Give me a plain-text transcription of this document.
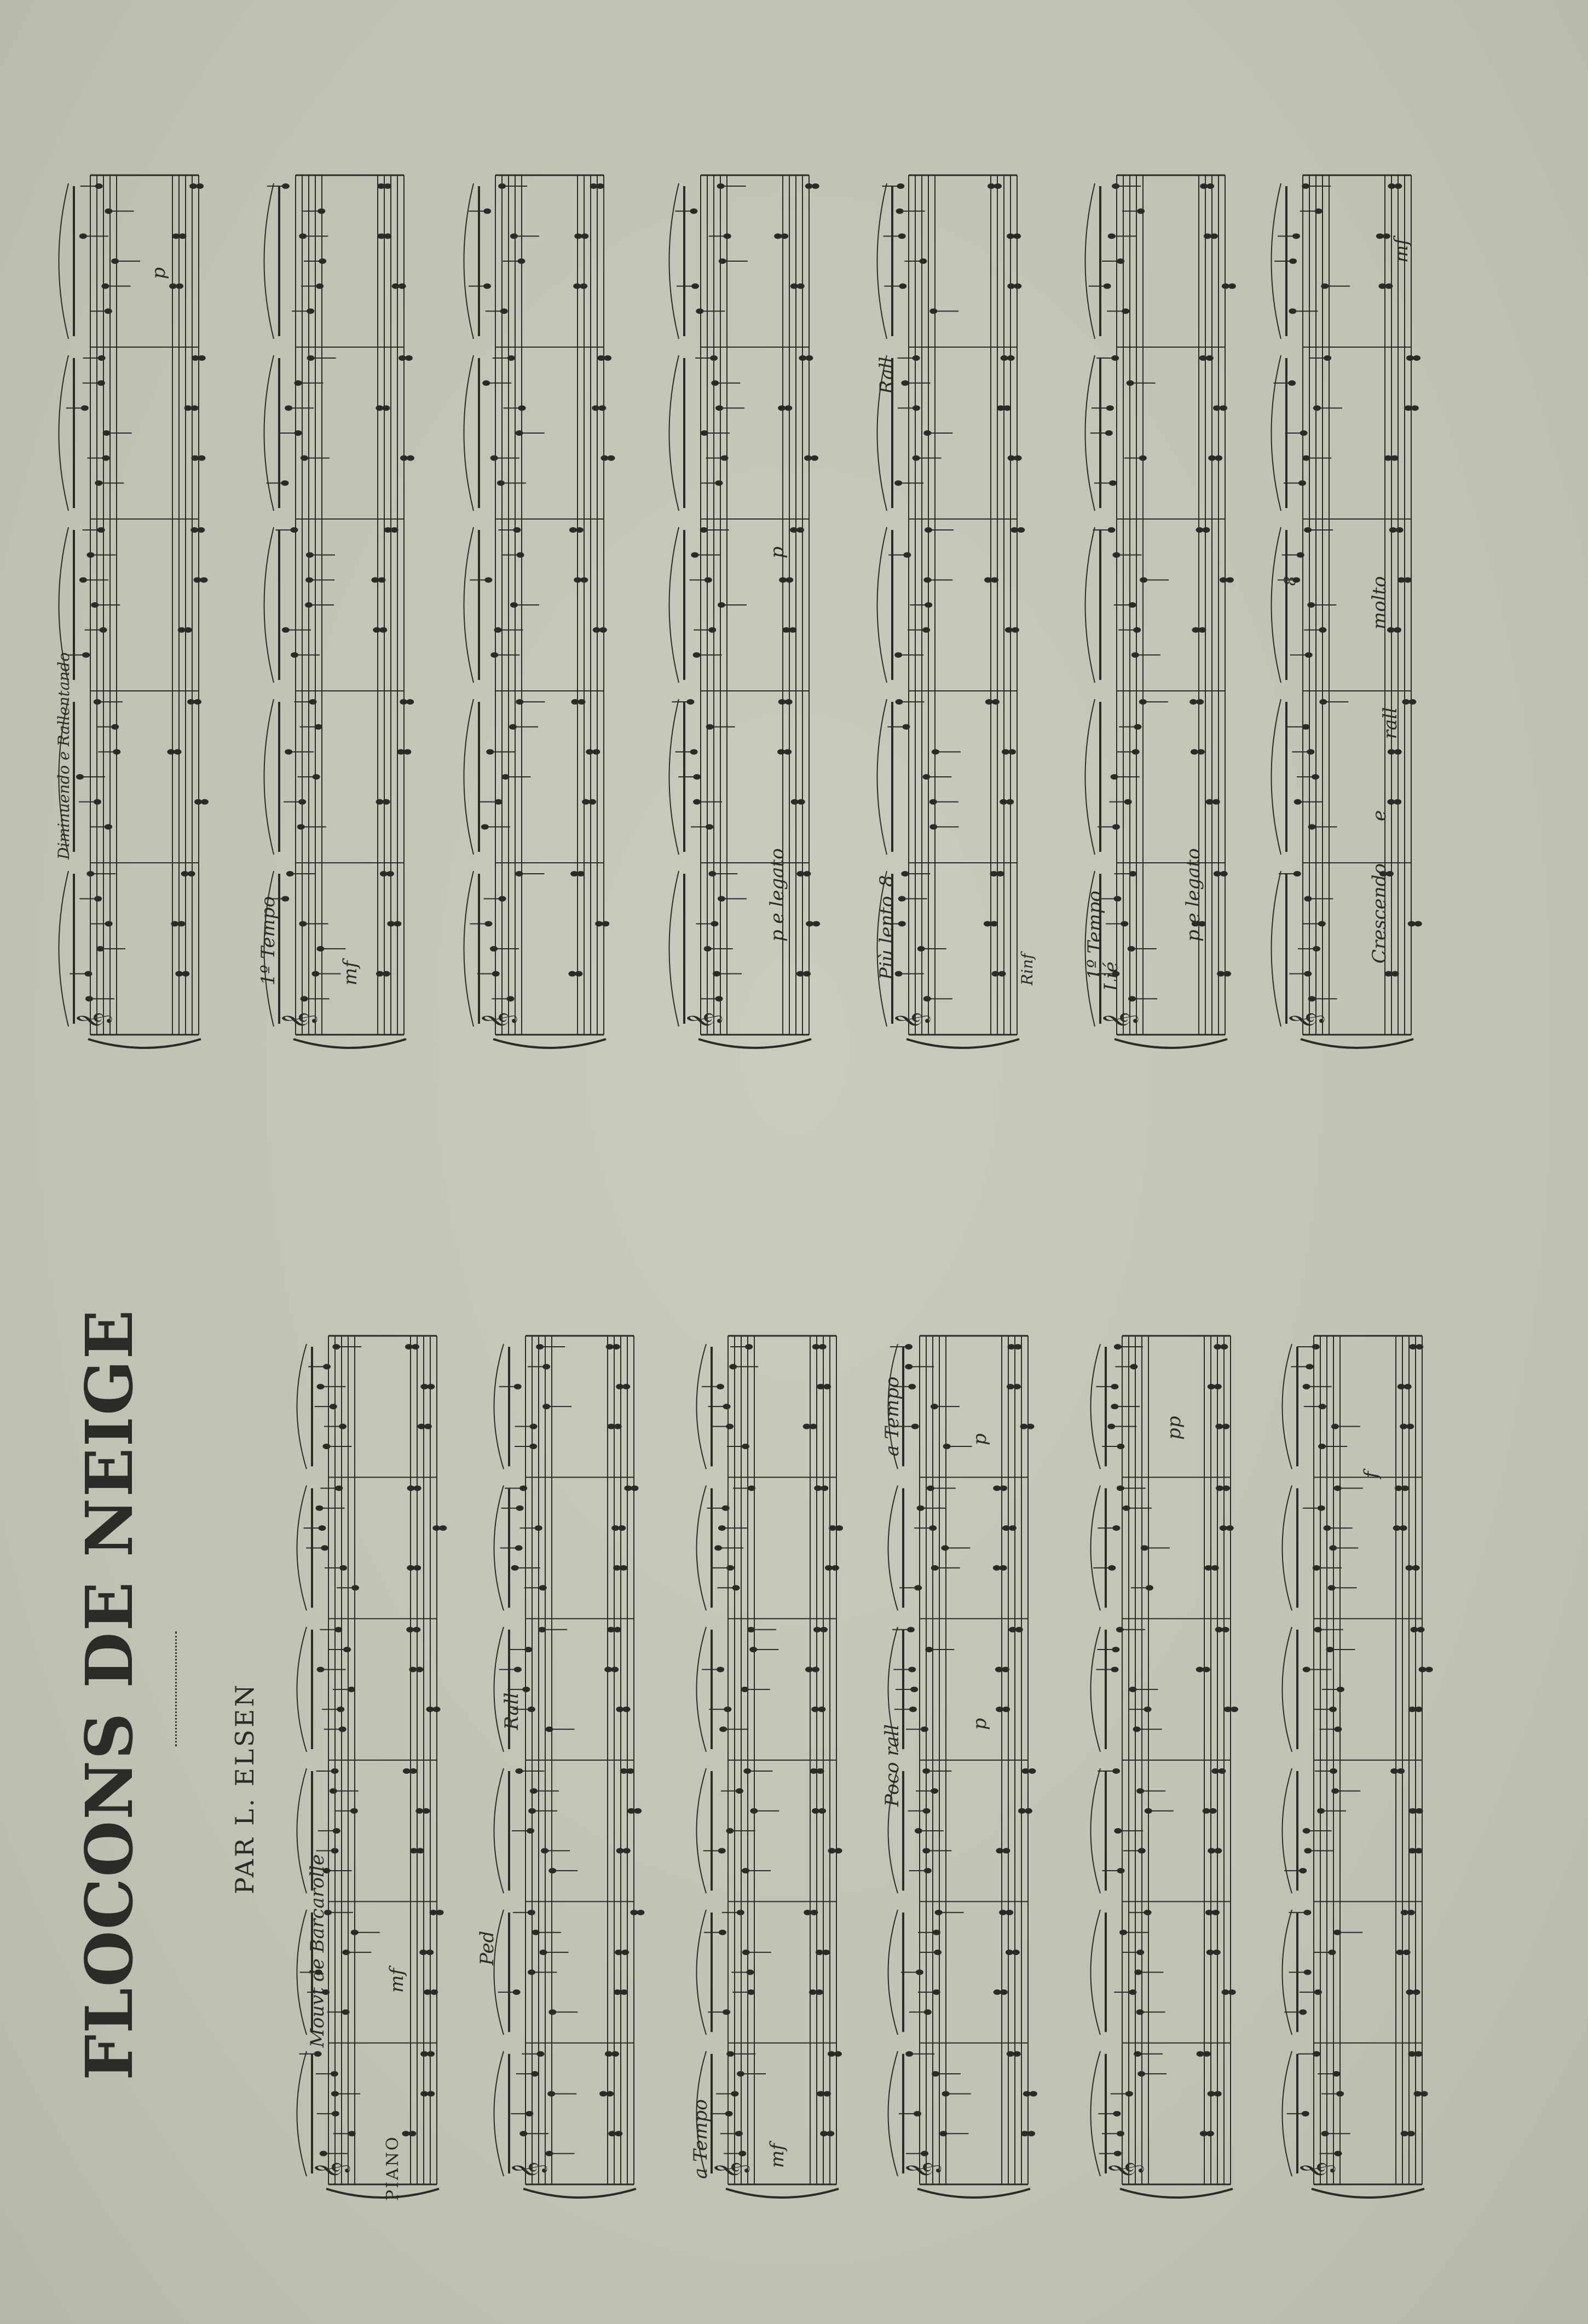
𝄞	𝄞	𝄞	𝄞	𝄞	𝄞
𝄞	𝄞	𝄞	𝄞	𝄞	𝄞	𝄞
FLOCONS DE NEIGE	PAR L. ELSEN
PIANO
Mouvt de Barcarolle	mf
Ped
Rall
a Tempo	mf
Poco rall
a Tempo
p
p	pp
f
Diminuendo e Rallentando
p
1º Tempo	mf
p e legato
p
Più lento
8
Rinf
Rall
1º Tempo
Lié
p e legato
8
Crescendo
e
rall
molto
mf
